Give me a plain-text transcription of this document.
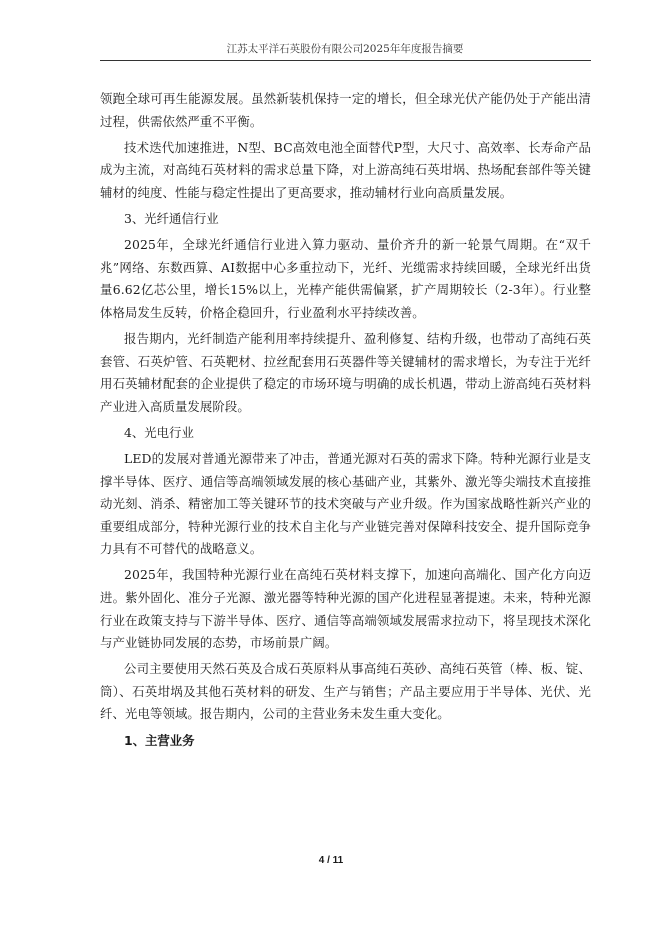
江苏太平洋石英股份有限公司2025年年度报告摘要

领跑全球可再生能源发展。虽然新装机保持一定的增长，但全球光伏产能仍处于产能出清过程，供需依然严重不平衡。

技术迭代加速推进，N型、BC高效电池全面替代P型，大尺寸、高效率、长寿命产品成为主流，对高纯石英材料的需求总量下降，对上游高纯石英坩埚、热场配套部件等关键辅材的纯度、性能与稳定性提出了更高要求，推动辅材行业向高质量发展。

3、光纤通信行业

2025年，全球光纤通信行业进入算力驱动、量价齐升的新一轮景气周期。在“双千兆”网络、东数西算、AI数据中心多重拉动下，光纤、光缆需求持续回暖，全球光纤出货量6.62亿芯公里，增长15%以上，光棒产能供需偏紧，扩产周期较长（2-3年）。行业整体格局发生反转，价格企稳回升，行业盈利水平持续改善。

报告期内，光纤制造产能利用率持续提升、盈利修复、结构升级，也带动了高纯石英套管、石英炉管、石英靶材、拉丝配套用石英器件等关键辅材的需求增长，为专注于光纤用石英辅材配套的企业提供了稳定的市场环境与明确的成长机遇，带动上游高纯石英材料产业进入高质量发展阶段。

4、光电行业

LED的发展对普通光源带来了冲击，普通光源对石英的需求下降。特种光源行业是支撑半导体、医疗、通信等高端领域发展的核心基础产业，其紫外、激光等尖端技术直接推动光刻、消杀、精密加工等关键环节的技术突破与产业升级。作为国家战略性新兴产业的重要组成部分，特种光源行业的技术自主化与产业链完善对保障科技安全、提升国际竞争力具有不可替代的战略意义。

2025年，我国特种光源行业在高纯石英材料支撑下，加速向高端化、国产化方向迈进。紫外固化、准分子光源、激光器等特种光源的国产化进程显著提速。未来，特种光源行业在政策支持与下游半导体、医疗、通信等高端领域发展需求拉动下，将呈现技术深化与产业链协同发展的态势，市场前景广阔。

公司主要使用天然石英及合成石英原料从事高纯石英砂、高纯石英管（棒、板、锭、筒）、石英坩埚及其他石英材料的研发、生产与销售；产品主要应用于半导体、光伏、光纤、光电等领域。报告期内，公司的主营业务未发生重大变化。

1、主营业务

4 / 11
